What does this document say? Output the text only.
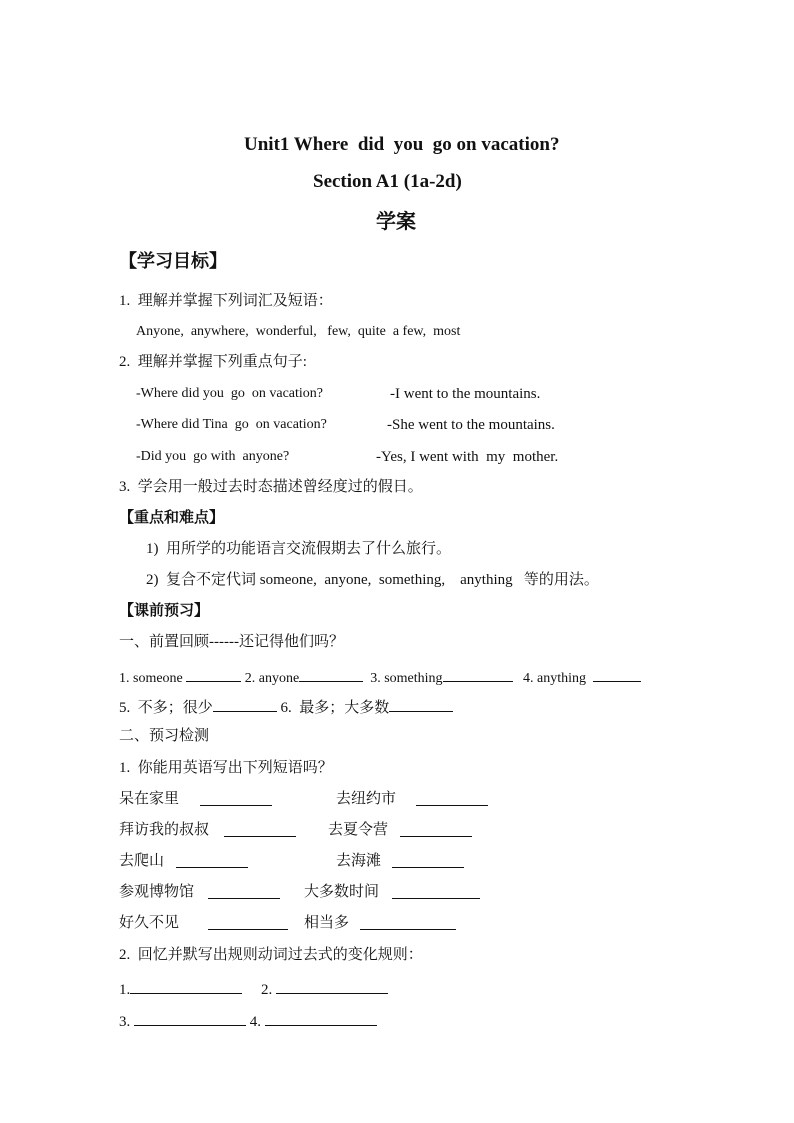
Unit1 Where  did  you  go on vacation?
Section A1 (1a-2d)
学案
【学习目标】
1.  理解并掌握下列词汇及短语：
Anyone,  anywhere,  wonderful,   few,  quite  a few,  most
2.  理解并掌握下列重点句子:
-Where did you  go  on vacation?	-I went to the mountains.
-Where did Tina  go  on vacation?	-She went to the mountains.
-Did you  go with  anyone?	-Yes, I went with  my  mother.
3.  学会用一般过去时态描述曾经度过的假日。
【重点和难点】
1)  用所学的功能语言交流假期去了什么旅行。
2)  复合不定代词 someone,  anyone,  something,    anything   等的用法。
【课前预习】
一、前置回顾------还记得他们吗？
1. someone	2. anyone	3. something	4. anything
5.  不多；很少	6.  最多；大多数
二、预习检测
1.  你能用英语写出下列短语吗？
呆在家里	去纽约市
拜访我的叔叔	去夏令营
去爬山	去海滩
参观博物馆	大多数时间
好久不见	相当多
2.  回忆并默写出规则动词过去式的变化规则：
1.	2.
3.	4.
